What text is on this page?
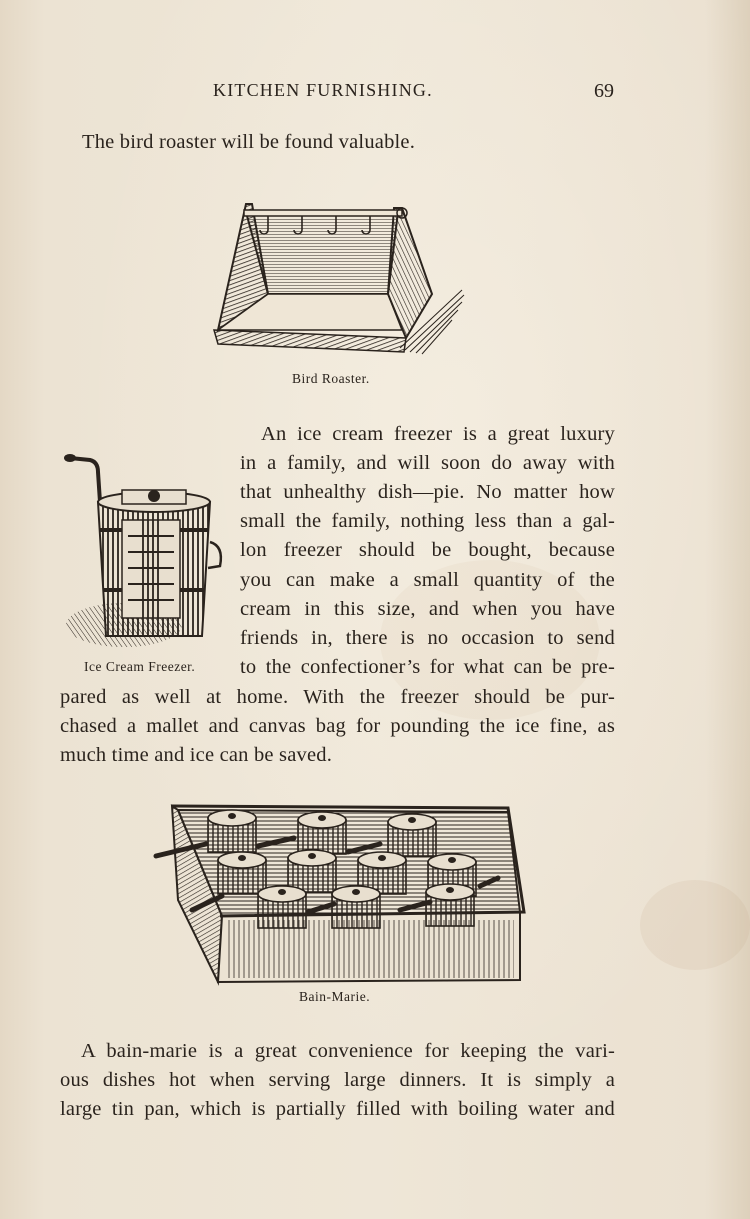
KITCHEN FURNISHING.	69
The bird roaster will be found valuable.
Bird Roaster.
Ice Cream Freezer.
An ice cream freezer is a great luxury
in a family, and will soon do away with
that unhealthy dish—pie. No matter how
small the family, nothing less than a gal-
lon freezer should be bought, because
you can make a small quantity of the
cream in this size, and when you have
friends in, there is no occasion to send
to the confectioner’s for what can be pre-
pared as well at home. With the freezer should be pur-
chased a mallet and canvas bag for pounding the ice fine, as
much time and ice can be saved.
Bain-Marie.
A bain-marie is a great convenience for keeping the vari-
ous dishes hot when serving large dinners. It is simply a
large tin pan, which is partially filled with boiling water and
